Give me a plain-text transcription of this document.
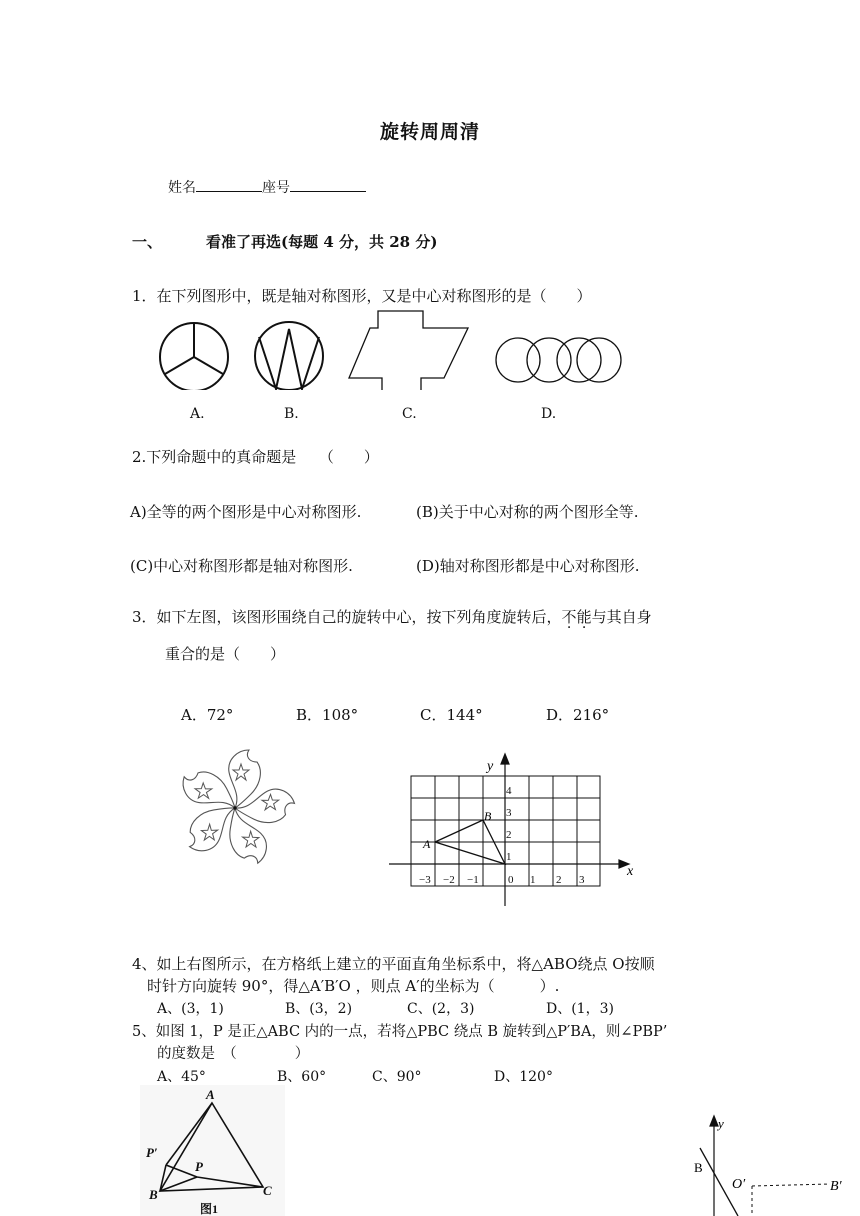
旋转周周清
姓名	座号
一、	看准了再选(每题 4 分，共 28 分)
1．在下列图形中，既是轴对称图形，又是中心对称图形的是（　　）
A.	B.	C.	D.
2.下列命题中的真命题是　　（　　）
A)全等的两个图形是中心对称图形.	(B)关于中心对称的两个图形全等.
(C)中心对称图形都是轴对称图形.	(D)轴对称图形都是中心对称图形.
3．如下左图，该图形围绕自己的旋转中心，按下列角度旋转后，不能与其自身
重合的是（　　）
A．72°	B．108°	C．144°	D．216°
x
y
−3 −2 −1	0 1 2 3
1
2
3
4
A
B
4、如上右图所示，在方格纸上建立的平面直角坐标系中，将△ABO绕点 O按顺
时针方向旋转 90°，得△A′B′O ，则点 A′的坐标为（　　　）.
A、(3，1)	B、(3，2)	C、(2，3)	D、(1，3)
5、如图 1，P 是正△ABC 内的一点，若将△PBC 绕点 B 旋转到△P′BA，则∠PBP’
的度数是　（　　　　）
A、45°	B、60°	C、90°	D、120°
A
P′
P
B	C
图1
y
B
O′	B′
